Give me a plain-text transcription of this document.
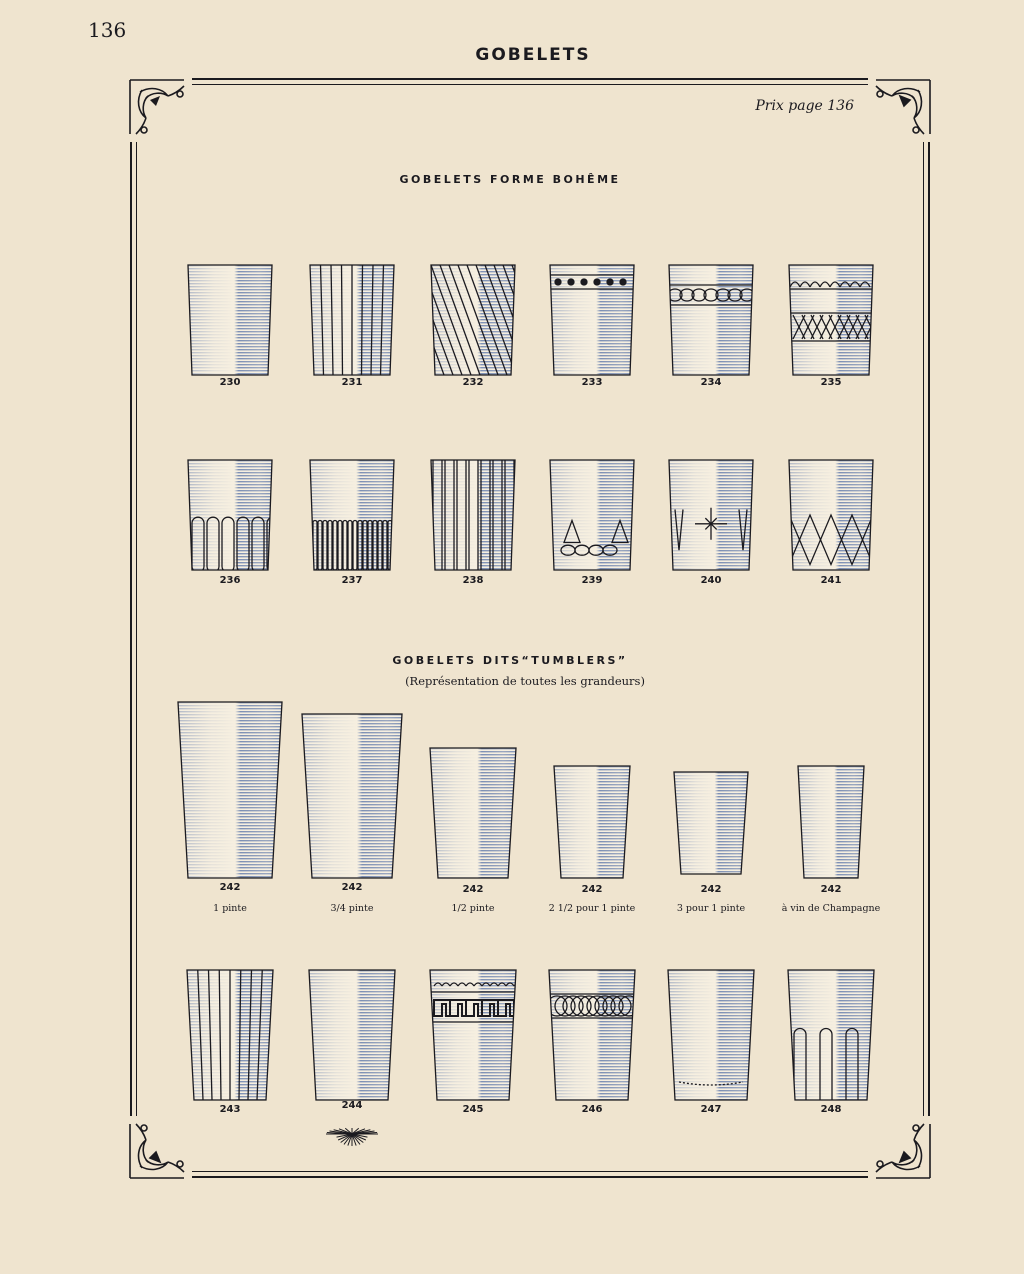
136
GOBELETS
Prix page 136
GOBELETS FORME BOHÊME
GOBELETS DITS“TUMBLERS”
(Représentation de toutes les grandeurs)
230	231	232	233	234	235
236	237	238	239	240	241
242
1 pinte
242
3/4 pinte
242
1/2 pinte
242
2 1/2 pour 1 pinte
242
3 pour 1 pinte
242
à vin de Champagne
243	244	245	246	247	248
